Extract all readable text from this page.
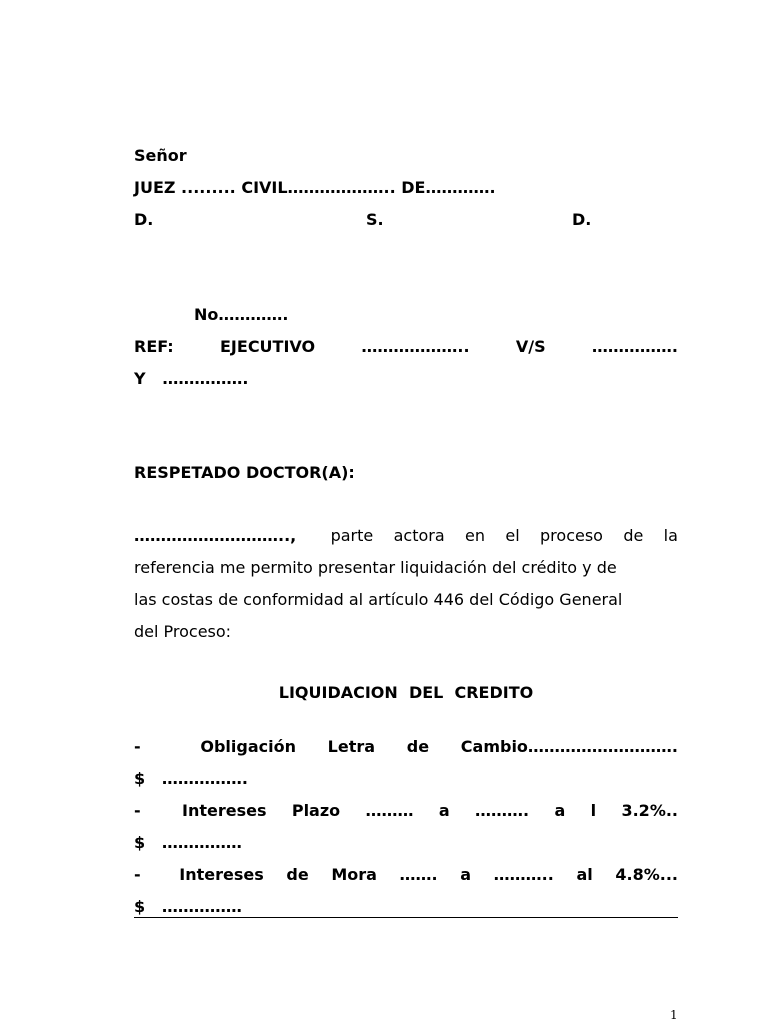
Señor
JUEZ ......... CIVIL……………….. DE………….
D.	S.	D.
No………….
REF:	EJECUTIVO	………………..	V/S	…………….
Y …………….
RESPETADO DOCTOR(A):
……………………….., parte actora en el proceso de la
referencia me permito presentar liquidación del crédito y de
las costas de conformidad al artículo 446 del Código General
del Proceso:
LIQUIDACION  DEL  CREDITO
-	Obligación Letra de Cambio……………………….
$ …………….
-	Intereses Plazo ……… a ………. a l 3.2%..
$ ……………
- Intereses de Mora ……. a ……….. al 4.8%...
$ ……………
1
